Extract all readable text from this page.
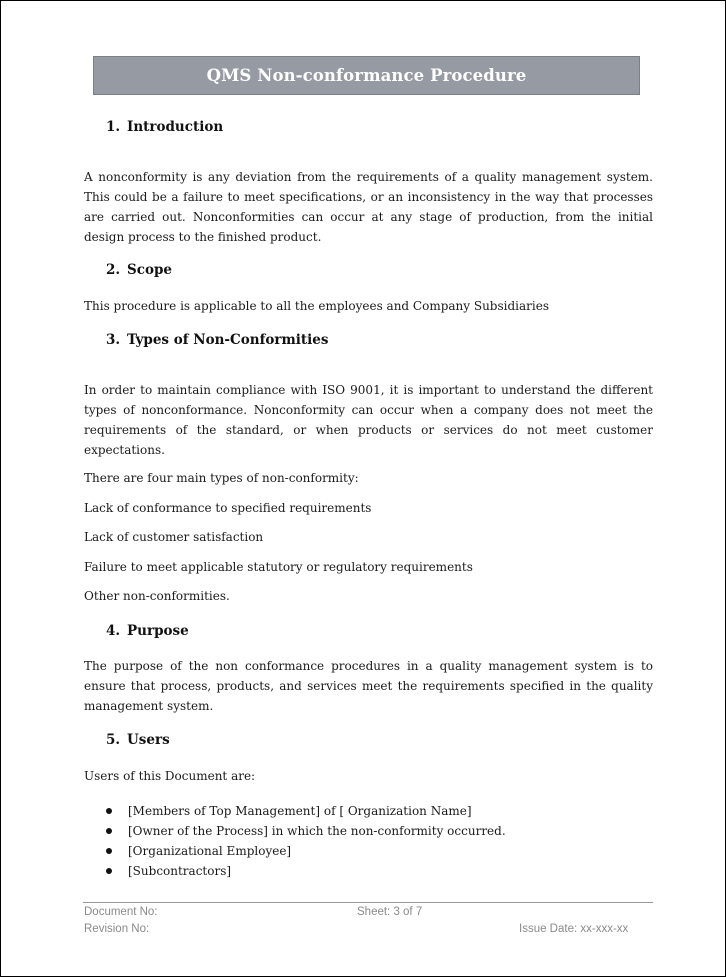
QMS Non-conformance Procedure
1. Introduction

A nonconformity is any deviation from the requirements of a quality management system. This could be a failure to meet specifications, or an inconsistency in the way that processes are carried out. Nonconformities can occur at any stage of production, from the initial design process to the finished product.

2. Scope

This procedure is applicable to all the employees and Company Subsidiaries

3. Types of Non-Conformities

In order to maintain compliance with ISO 9001, it is important to understand the different types of nonconformance. Nonconformity can occur when a company does not meet the requirements of the standard, or when products or services do not meet customer expectations.

There are four main types of non-conformity:
Lack of conformance to specified requirements
Lack of customer satisfaction
Failure to meet applicable statutory or regulatory requirements
Other non-conformities.
4. Purpose

The purpose of the non conformance procedures in a quality management system is to ensure that process, products, and services meet the requirements specified in the quality management system.

5. Users
Users of this Document are:
[Members of Top Management] of [ Organization Name]
[Owner of the Process] in which the non-conformity occurred.
[Organizational Employee]
[Subcontractors]
Document No:	Sheet: 3 of 7
Revision No:	Issue Date: xx-xxx-xx
